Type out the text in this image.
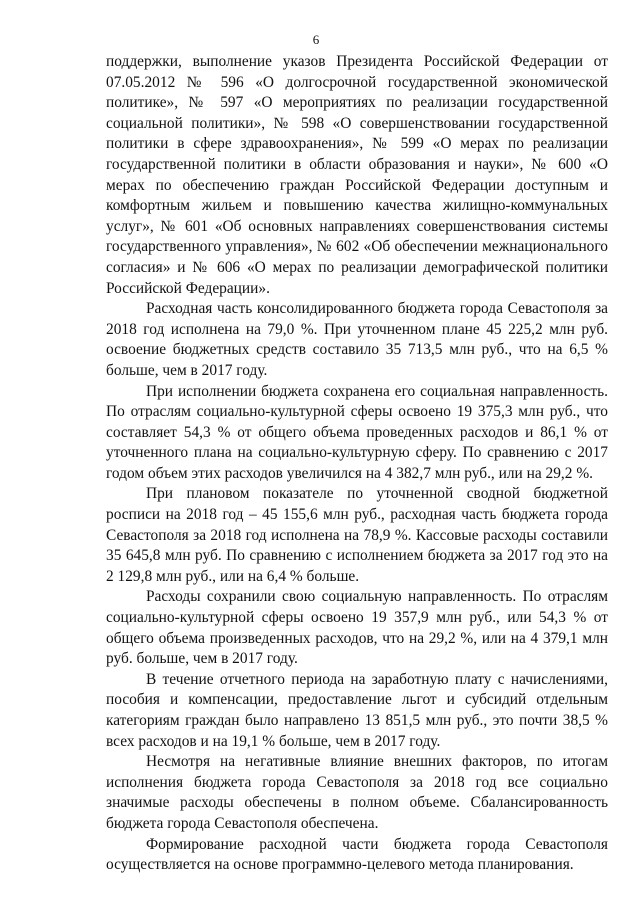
6

поддержки, выполнение указов Президента Российской Федерации от 07.05.2012 № 596 «О долгосрочной государственной экономической политике», № 597 «О мероприятиях по реализации государственной социальной политики», № 598 «О совершенствовании государственной политики в сфере здравоохранения», № 599 «О мерах по реализации государственной политики в области образования и науки», № 600 «О мерах по обеспечению граждан Российской Федерации доступным и комфортным жильем и повышению качества жилищно-коммунальных услуг», № 601 «Об основных направлениях совершенствования системы государственного управления», № 602 «Об обеспечении межнационального согласия» и № 606 «О мерах по реализации демографической политики Российской Федерации».

Расходная часть консолидированного бюджета города Севастополя за 2018 год исполнена на 79,0 %. При уточненном плане 45 225,2 млн руб. освоение бюджетных средств составило 35 713,5 млн руб., что на 6,5 % больше, чем в 2017 году.

При исполнении бюджета сохранена его социальная направленность. По отраслям социально-культурной сферы освоено 19 375,3 млн руб., что составляет 54,3 % от общего объема проведенных расходов и 86,1 % от уточненного плана на социально-культурную сферу. По сравнению с 2017 годом объем этих расходов увеличился на 4 382,7 млн руб., или на 29,2 %.

При плановом показателе по уточненной сводной бюджетной росписи на 2018 год – 45 155,6 млн руб., расходная часть бюджета города Севастополя за 2018 год исполнена на 78,9 %. Кассовые расходы составили 35 645,8 млн руб. По сравнению с исполнением бюджета за 2017 год это на 2 129,8 млн руб., или на 6,4 % больше.

Расходы сохранили свою социальную направленность. По отраслям социально-культурной сферы освоено 19 357,9 млн руб., или 54,3 % от общего объема произведенных расходов, что на 29,2 %, или на 4 379,1 млн руб. больше, чем в 2017 году.

В течение отчетного периода на заработную плату с начислениями, пособия и компенсации, предоставление льгот и субсидий отдельным категориям граждан было направлено 13 851,5 млн руб., это почти 38,5 % всех расходов и на 19,1 % больше, чем в 2017 году.

Несмотря на негативные влияние внешних факторов, по итогам исполнения бюджета города Севастополя за 2018 год все социально значимые расходы обеспечены в полном объеме. Сбалансированность бюджета города Севастополя обеспечена.

Формирование расходной части бюджета города Севастополя осуществляется на основе программно-целевого метода планирования.
